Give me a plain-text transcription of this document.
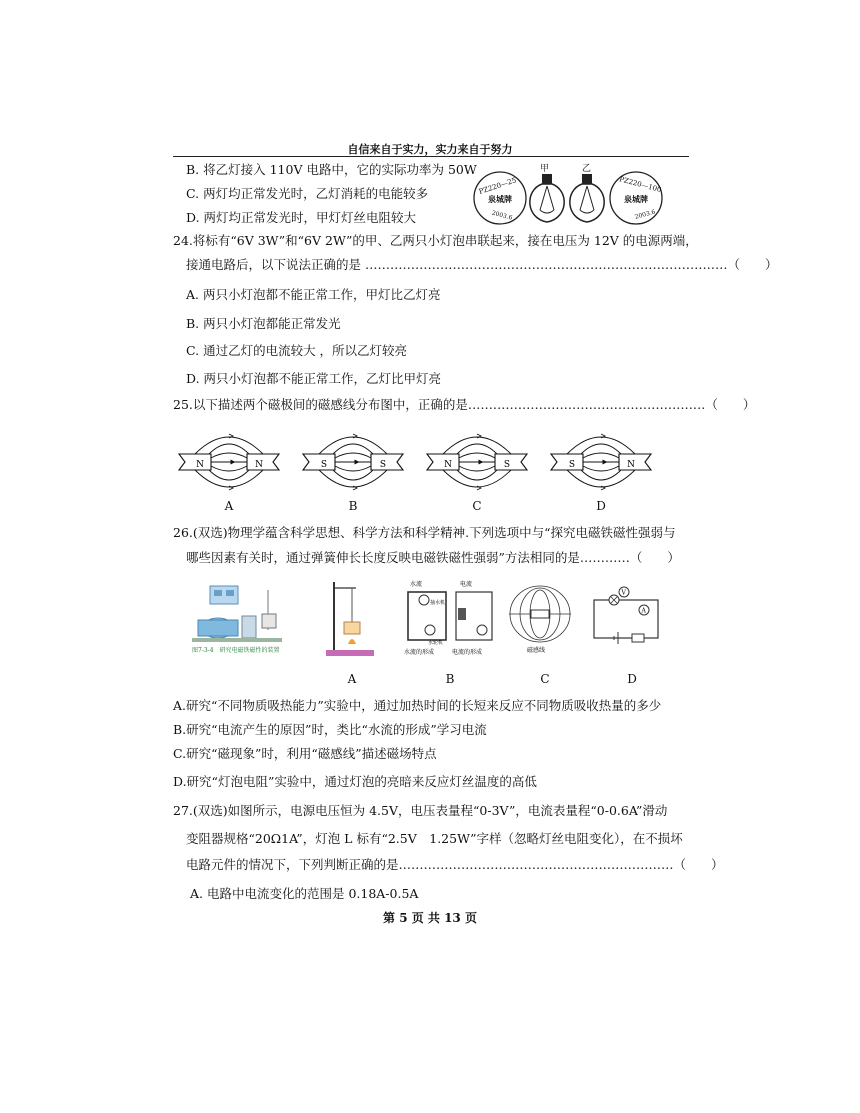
自信来自于实力，实力来自于努力
B. 将乙灯接入 110V 电路中，它的实际功率为 50W
C. 两灯均正常发光时，乙灯消耗的电能较多
D. 两灯均正常发光时，甲灯灯丝电阻较大
甲	乙
PZ220—25
泉城牌
2003.6
PZ220—100
泉城牌
2003.6
24.将标有“6V 3W”和“6V 2W”的甲、乙两只小灯泡串联起来，接在电压为 12V 的电源两端，
接通电路后，以下说法正确的是 ……………………………………………………………………………（　　）
A. 两只小灯泡都不能正常工作，甲灯比乙灯亮
B. 两只小灯泡都能正常发光
C. 通过乙灯的电流较大 ，所以乙灯较亮
D. 两只小灯泡都不能正常工作，乙灯比甲灯亮
25.以下描述两个磁极间的磁感线分布图中，正确的是…………………………………………………（　　）
N	N	S	S	N	S	S	N
A	B	C	D
26.(双选)物理学蕴含科学思想、科学方法和科学精神.下列选项中与“探究电磁铁磁性强弱与
哪些因素有关时，通过弹簧伸长长度反映电磁铁磁性强弱”方法相同的是…………（　　）
图7-3-4　研究电磁铁磁性的装置
水流	电流
抽水机
水轮机
水流的形成	电流的形成	磁感线
V
A
A	B	C	D
A.研究“不同物质吸热能力”实验中，通过加热时间的长短来反应不同物质吸收热量的多少
B.研究“电流产生的原因”时，类比“水流的形成”学习电流
C.研究“磁现象”时，利用“磁感线”描述磁场特点
D.研究“灯泡电阻”实验中，通过灯泡的亮暗来反应灯丝温度的高低
27.(双选)如图所示，电源电压恒为 4.5V，电压表量程“0-3V”，电流表量程“0-0.6A”滑动
变阻器规格“20Ω1A”，灯泡 L 标有“2.5V　1.25W”字样（忽略灯丝电阻变化），在不损坏
电路元件的情况下，下列判断正确的是…………………………………………………………（　　）
A. 电路中电流变化的范围是 0.18A-0.5A
第 5 页 共 13 页
